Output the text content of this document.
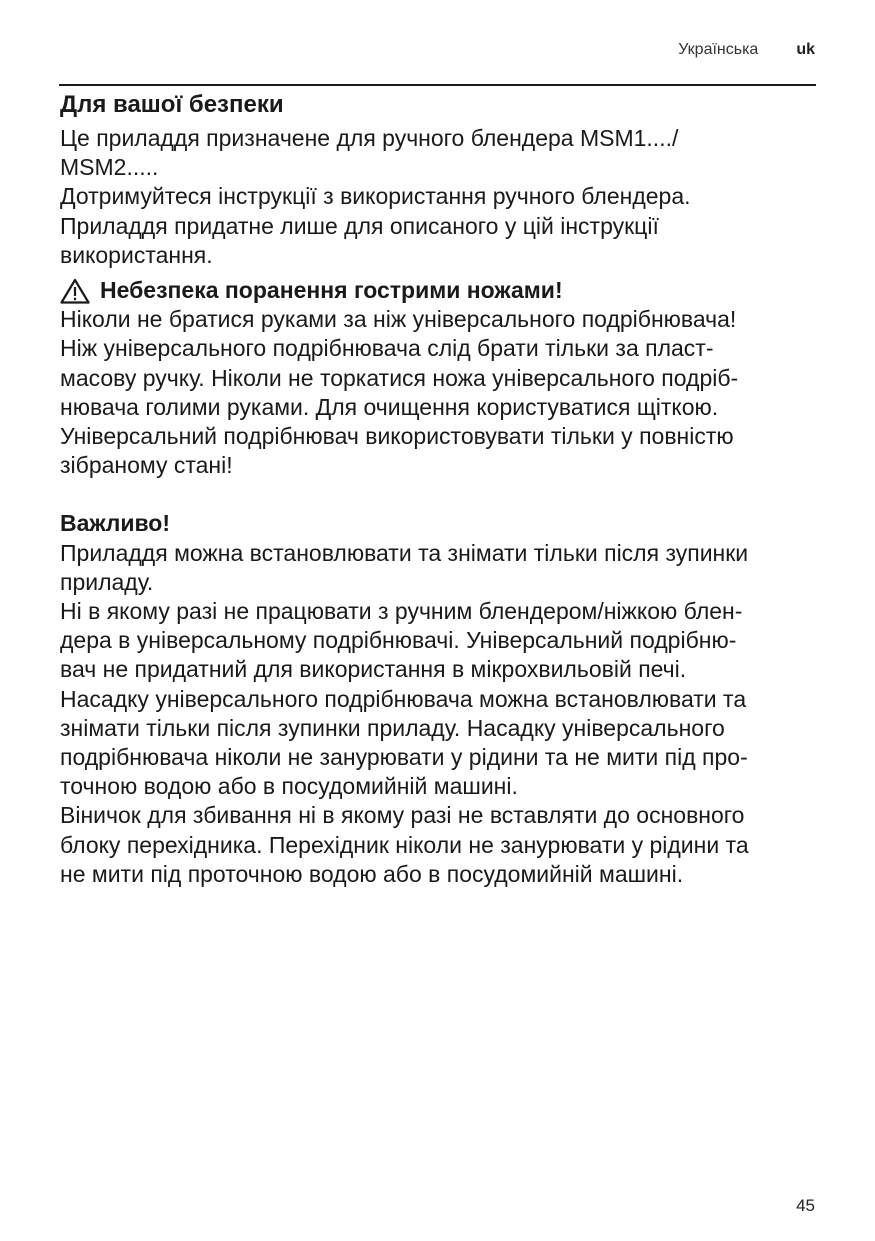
Українська uk
Для вашої безпеки

Це приладдя призначене для ручного блендера MSM1..../

MSM2.....

Дотримуйтеся інструкції з використання ручного блендера.

Приладдя придатне лише для описаного у цій інструкції

використання.

Небезпека поранення гострими ножами!

Ніколи не братися руками за ніж універсального подрібнювача!

Ніж універсального подрібнювача слід брати тільки за пласт-

масову ручку. Ніколи не торкатися ножа універсального подріб-

нювача голими руками. Для очищення користуватися щіткою.

Універсальний подрібнювач використовувати тільки у повністю

зібраному стані!

Важливо!

Приладдя можна встановлювати та знімати тільки після зупинки

приладу.

Ні в якому разі не працювати з ручним блендером/ніжкою блен-

дера в універсальному подрібнювачі. Універсальний подрібню-

вач не придатний для використання в мікрохвильовій печі.

Насадку універсального подрібнювача можна встановлювати та

знімати тільки після зупинки приладу. Насадку універсального

подрібнювача ніколи не занурювати у рідини та не мити під про-

точною водою або в посудомийній машині.

Віничок для збивання ні в якому разі не вставляти до основного

блоку перехідника. Перехідник ніколи не занурювати у рідини та

не мити під проточною водою або в посудомийній машині.

45
